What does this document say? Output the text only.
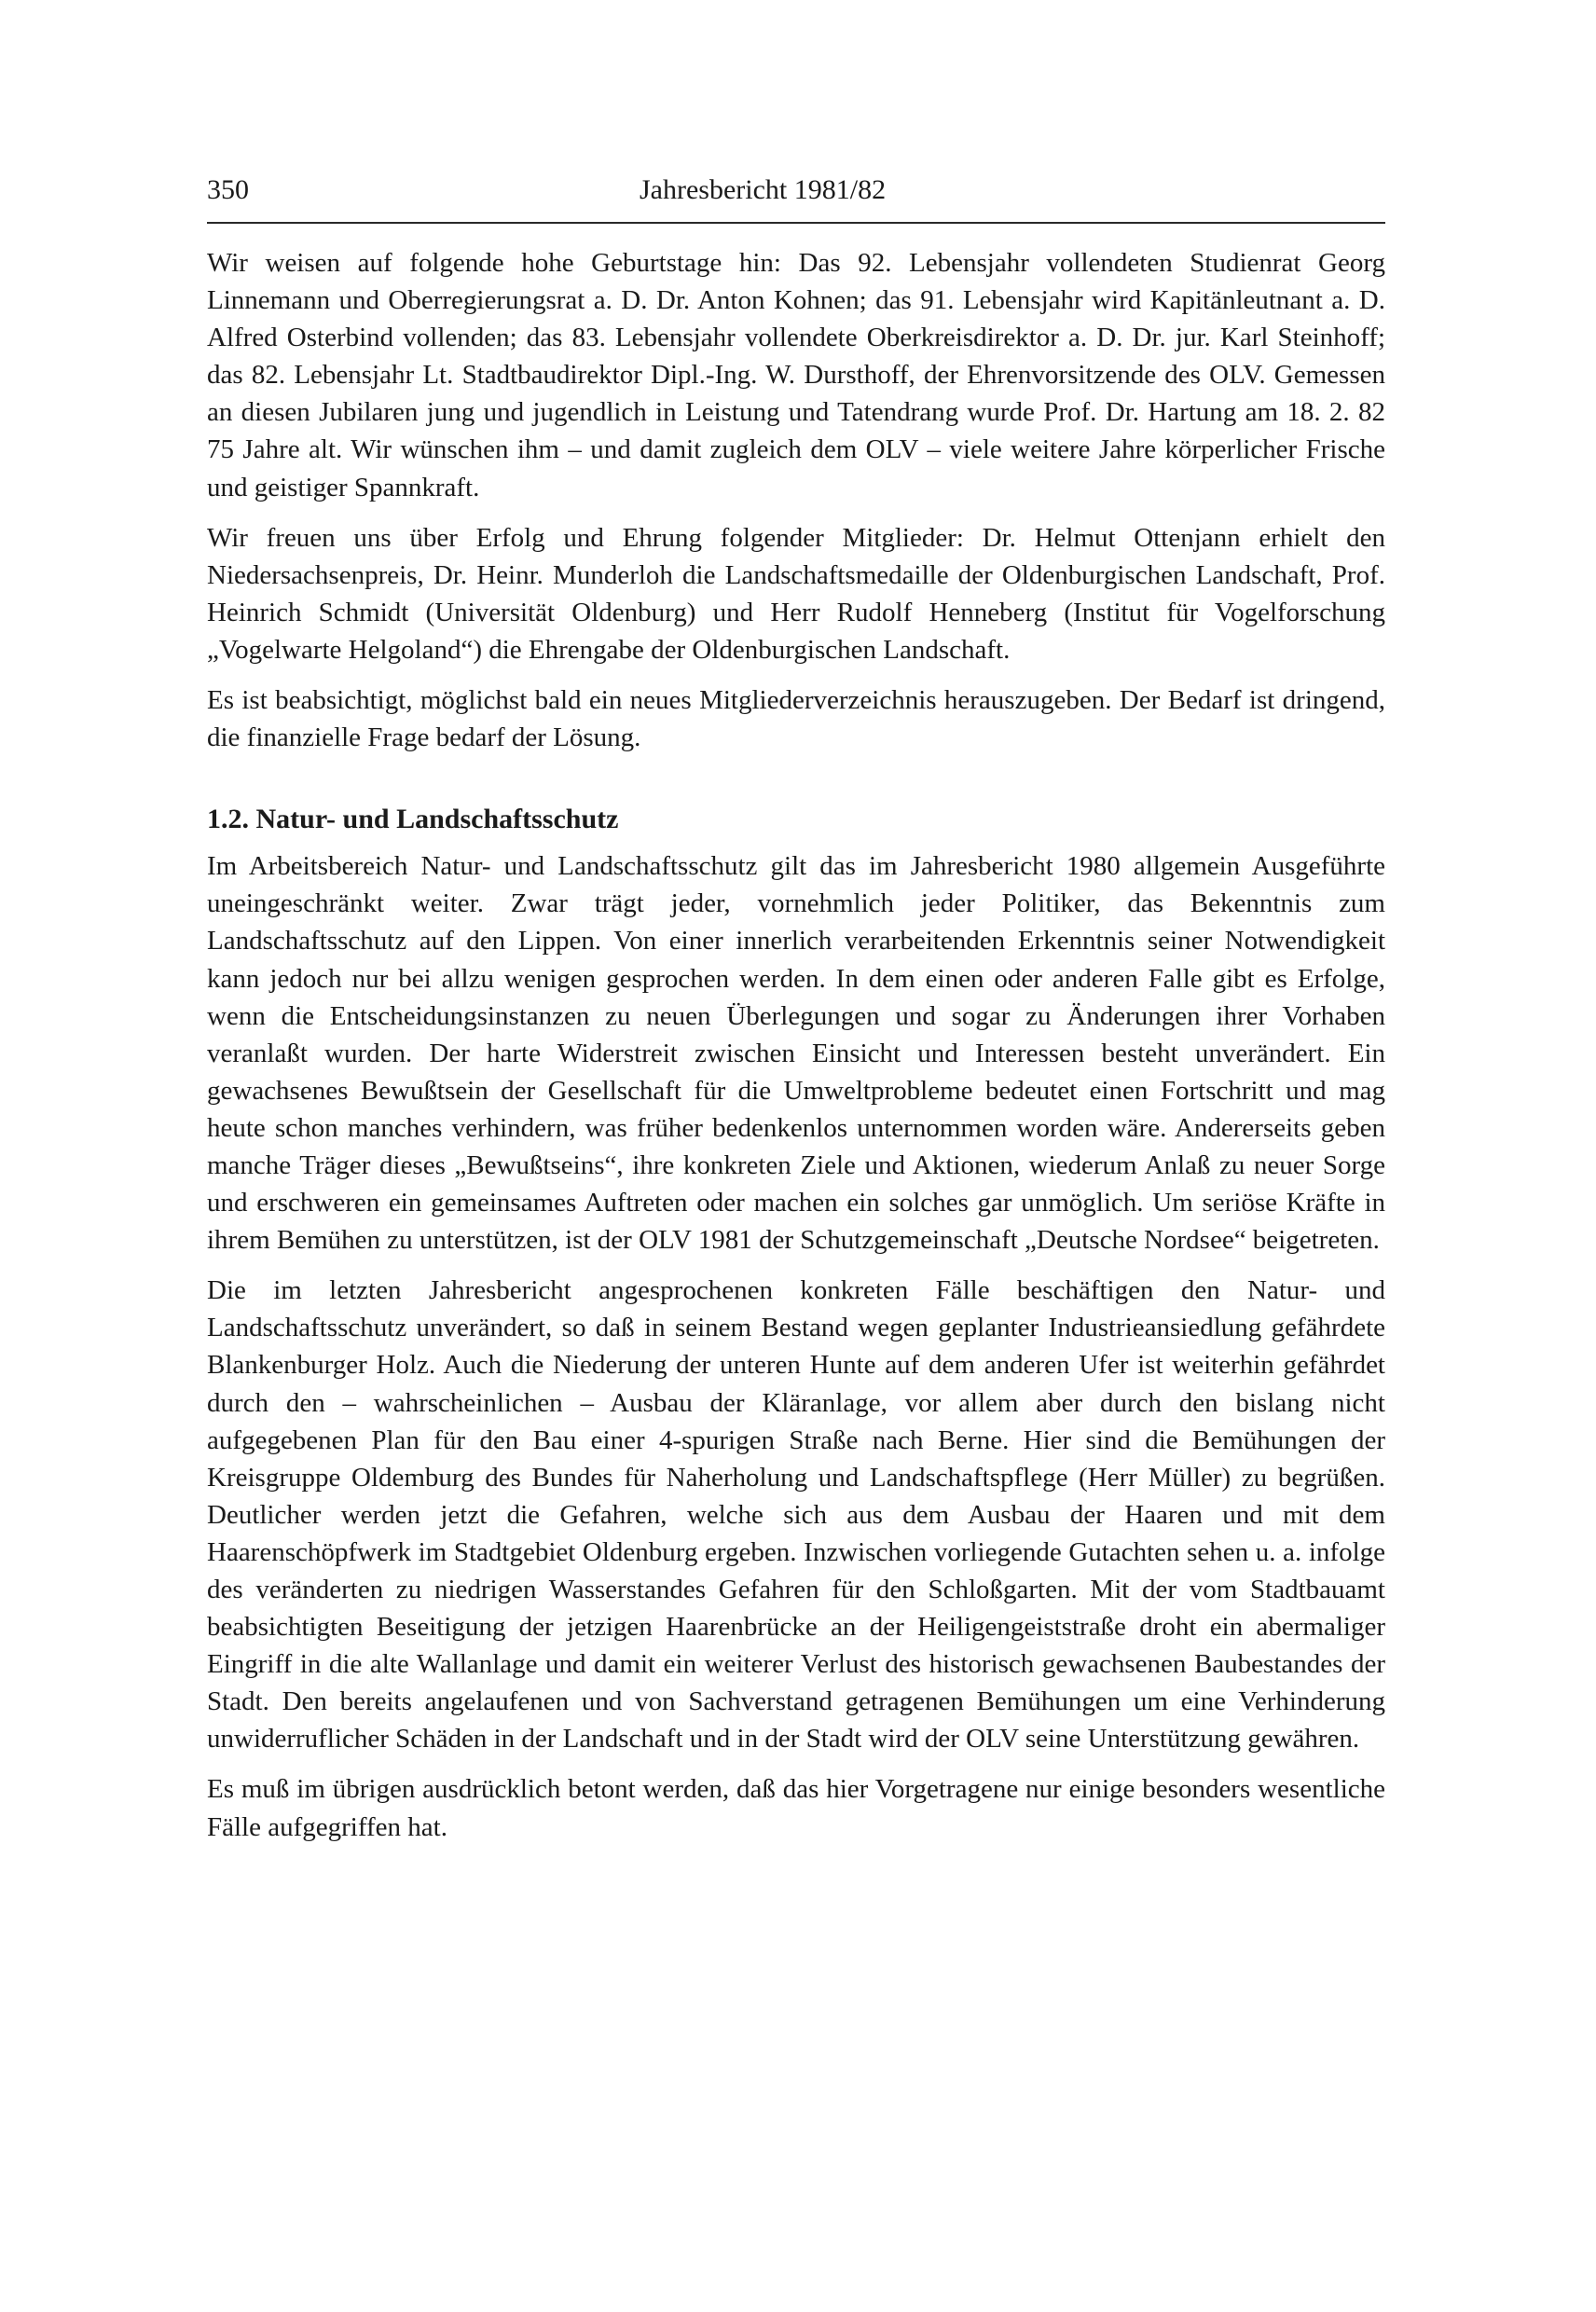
350	Jahresbericht 1981/82

Wir weisen auf folgende hohe Geburtstage hin: Das 92. Lebensjahr vollendeten Studienrat Georg Linnemann und Oberregierungsrat a. D. Dr. Anton Kohnen; das 91. Lebensjahr wird Kapitänleutnant a. D. Alfred Osterbind vollenden; das 83. Lebensjahr vollendete Oberkreisdirektor a. D. Dr. jur. Karl Steinhoff; das 82. Lebensjahr Lt. Stadtbaudirektor Dipl.-Ing. W. Dursthoff, der Ehrenvorsitzende des OLV. Gemessen an diesen Jubilaren jung und jugendlich in Leistung und Tatendrang wurde Prof. Dr. Hartung am 18. 2. 82 75 Jahre alt. Wir wünschen ihm – und damit zugleich dem OLV – viele weitere Jahre körperlicher Frische und geistiger Spannkraft.

Wir freuen uns über Erfolg und Ehrung folgender Mitglieder: Dr. Helmut Ottenjann erhielt den Niedersachsenpreis, Dr. Heinr. Munderloh die Landschaftsmedaille der Oldenburgischen Landschaft, Prof. Heinrich Schmidt (Universität Oldenburg) und Herr Rudolf Henneberg (Institut für Vogelforschung „Vogelwarte Helgoland“) die Ehrengabe der Oldenburgischen Landschaft.

Es ist beabsichtigt, möglichst bald ein neues Mitgliederverzeichnis herauszugeben. Der Bedarf ist dringend, die finanzielle Frage bedarf der Lösung.

1.2. Natur- und Landschaftsschutz

Im Arbeitsbereich Natur- und Landschaftsschutz gilt das im Jahresbericht 1980 allgemein Ausgeführte uneingeschränkt weiter. Zwar trägt jeder, vornehmlich jeder Politiker, das Bekenntnis zum Landschaftsschutz auf den Lippen. Von einer innerlich verarbeitenden Erkenntnis seiner Notwendigkeit kann jedoch nur bei allzu wenigen gesprochen werden. In dem einen oder anderen Falle gibt es Erfolge, wenn die Entscheidungsinstanzen zu neuen Überlegungen und sogar zu Änderungen ihrer Vorhaben veranlaßt wurden. Der harte Widerstreit zwischen Einsicht und Interessen besteht unverändert. Ein gewachsenes Bewußtsein der Gesellschaft für die Umweltprobleme bedeutet einen Fortschritt und mag heute schon manches verhindern, was früher bedenkenlos unternommen worden wäre. Andererseits geben manche Träger dieses „Bewußtseins“, ihre konkreten Ziele und Aktionen, wiederum Anlaß zu neuer Sorge und erschweren ein gemeinsames Auftreten oder machen ein solches gar unmöglich. Um seriöse Kräfte in ihrem Bemühen zu unterstützen, ist der OLV 1981 der Schutzgemeinschaft „Deutsche Nordsee“ beigetreten.

Die im letzten Jahresbericht angesprochenen konkreten Fälle beschäftigen den Natur- und Landschaftsschutz unverändert, so daß in seinem Bestand wegen geplanter Industrieansiedlung gefährdete Blankenburger Holz. Auch die Niederung der unteren Hunte auf dem anderen Ufer ist weiterhin gefährdet durch den – wahrscheinlichen – Ausbau der Kläranlage, vor allem aber durch den bislang nicht aufgegebenen Plan für den Bau einer 4-spurigen Straße nach Berne. Hier sind die Bemühungen der Kreisgruppe Oldemburg des Bundes für Naherholung und Landschaftspflege (Herr Müller) zu begrüßen. Deutlicher werden jetzt die Gefahren, welche sich aus dem Ausbau der Haaren und mit dem Haarenschöpfwerk im Stadtgebiet Oldenburg ergeben. Inzwischen vorliegende Gutachten sehen u. a. infolge des veränderten zu niedrigen Wasserstandes Gefahren für den Schloßgarten. Mit der vom Stadtbauamt beabsichtigten Beseitigung der jetzigen Haarenbrücke an der Heiligengeiststraße droht ein abermaliger Eingriff in die alte Wallanlage und damit ein weiterer Verlust des historisch gewachsenen Baubestandes der Stadt. Den bereits angelaufenen und von Sachverstand getragenen Bemühungen um eine Verhinderung unwiderruflicher Schäden in der Landschaft und in der Stadt wird der OLV seine Unterstützung gewähren.

Es muß im übrigen ausdrücklich betont werden, daß das hier Vorgetragene nur einige besonders wesentliche Fälle aufgegriffen hat.
